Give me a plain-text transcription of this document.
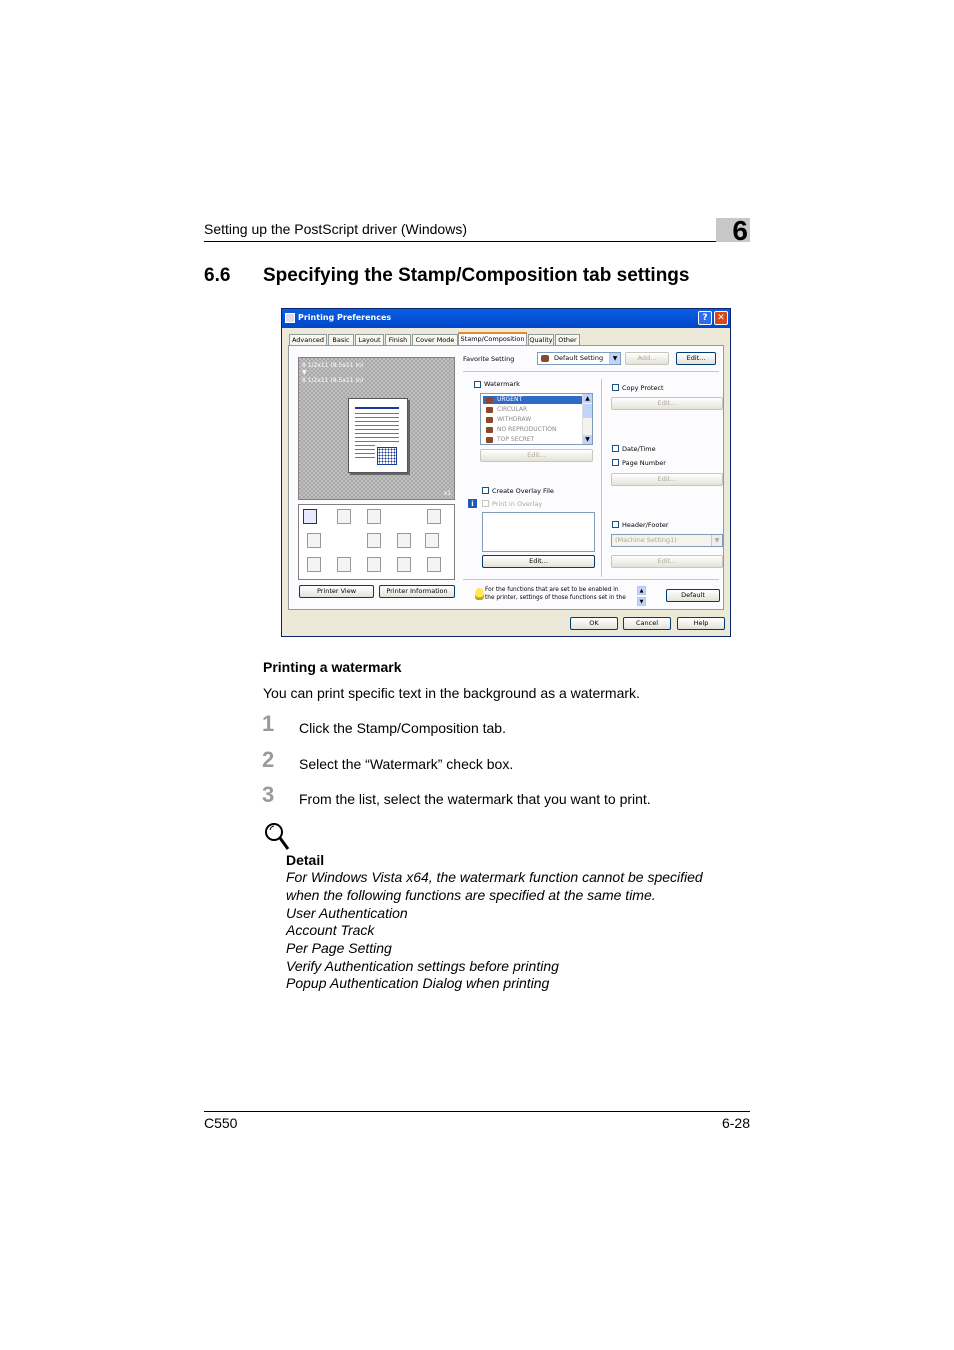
Setting up the PostScript driver (Windows)	6
6.6 Specifying the Stamp/Composition tab settings
Printing Preferences	?	✕
Advanced	Basic	Layout	Finish	Cover Mode Stamp/Composition Quality Other
8 1/2x11 (8.5x11 in)
▼
8 1/2x11 (8.5x11 in)
x1
Printer View	Printer Information
Favorite Setting	Default Setting	▼	Add...	Edit...
Watermark
URGENT
CIRCULAR
WITHDRAW
NO REPRODUCTION
TOP SECRET
▲
▼
Edit...
Copy Protect
Edit...
Date/Time
Page Number
Edit...
Create Overlay File
i	Print in Overlay
Edit...
Header/Footer
(Machine Setting1)	▼
Edit...
For the functions that are set to be enabled in
the printer, settings of those functions set in the
▲
▼
Default
OK	Cancel	Help
Printing a watermark
You can print specific text in the background as a watermark.
1 Click the Stamp/Composition tab.
2 Select the “Watermark” check box.
3 From the list, select the watermark that you want to print.
Detail
For Windows Vista x64, the watermark function cannot be specified
when the following functions are specified at the same time.
User Authentication
Account Track
Per Page Setting
Verify Authentication settings before printing
Popup Authentication Dialog when printing
C550	6-28
